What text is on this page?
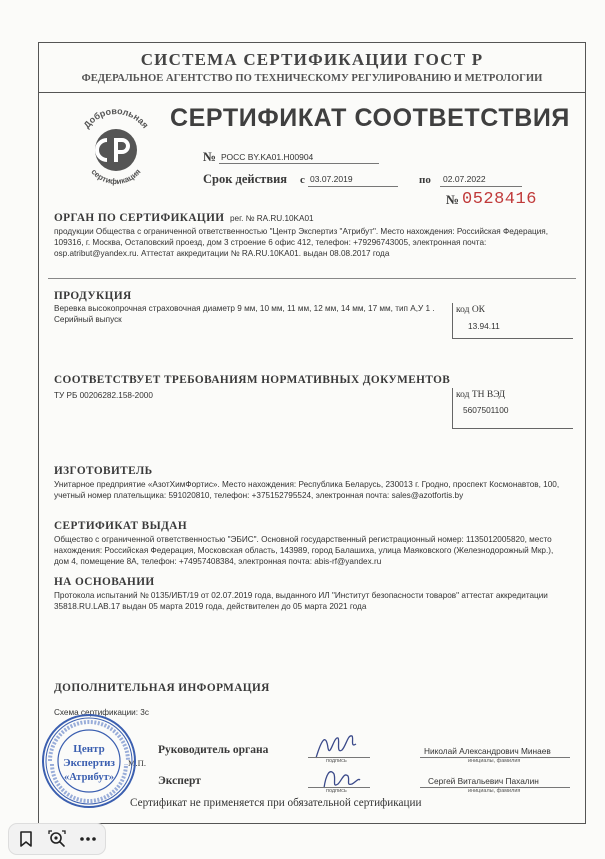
СИСТЕМА СЕРТИФИКАЦИИ ГОСТ Р
ФЕДЕРАЛЬНОЕ АГЕНТСТВО ПО ТЕХНИЧЕСКОМУ РЕГУЛИРОВАНИЮ И МЕТРОЛОГИИ
Добровольная
сертификация
СЕРТИФИКАТ СООТВЕТСТВИЯ
№ РОСС BY.KA01.H00904
Срок действия с 03.07.2019	по 02.07.2022
№ 0528416
ОРГАН ПО СЕРТИФИКАЦИИ рег. № RA.RU.10KA01
продукции Общества с ограниченной ответственностью "Центр Экспертиз "Атрибут". Место нахождения: Российская Федерация, 109316, г. Москва, Остаповский проезд, дом 3 строение 6 офис 412, телефон: +79296743005, электронная почта: osp.atribut@yandex.ru. Аттестат аккредитации № RA.RU.10KA01. выдан 08.08.2017 года
ПРОДУКЦИЯ
Веревка высокопрочная страховочная диаметр 9 мм, 10 мм, 11 мм, 12 мм, 14 мм, 17 мм, тип А,У 1 . Серийный выпуск
код ОК
13.94.11
СООТВЕТСТВУЕТ ТРЕБОВАНИЯМ НОРМАТИВНЫХ ДОКУМЕНТОВ
ТУ РБ 00206282.158-2000	код ТН ВЭД
5607501100
ИЗГОТОВИТЕЛЬ
Унитарное предприятие «АзотХимФортис». Место нахождения: Республика Беларусь, 230013 г. Гродно, проспект Космонавтов, 100, учетный номер плательщика: 591020810, телефон: +375152795524, электронная почта: sales@azotfortis.by
СЕРТИФИКАТ ВЫДАН
Общество с ограниченной ответственностью "ЭБИС". Основной государственный регистрационный номер: 1135012005820, место нахождения: Российская Федерация, Московская область, 143989, город Балашиха, улица Маяковского (Железнодорожный Мкр.), дом 4, помещение 8А, телефон: +74957408384, электронная почта: abis-rf@yandex.ru
НА ОСНОВАНИИ
Протокола испытаний № 0135/ИБТ/19 от 02.07.2019 года, выданного ИЛ "Институт безопасности товаров" аттестат аккредитации 35818.RU.LAB.17 выдан 05 марта 2019 года, действителен до 05 марта 2021 года
ДОПОЛНИТЕЛЬНАЯ ИНФОРМАЦИЯ
Схема сертификации: 3с
Руководитель органа
подпись
Николай Александрович Минаев
инициалы, фамилия
М.П.
Эксперт
подпись
Сергей Витальевич Пахалин
инициалы, фамилия
Центр
Экспертиз
«Атрибут»
Сертификат не применяется при обязательной сертификации
